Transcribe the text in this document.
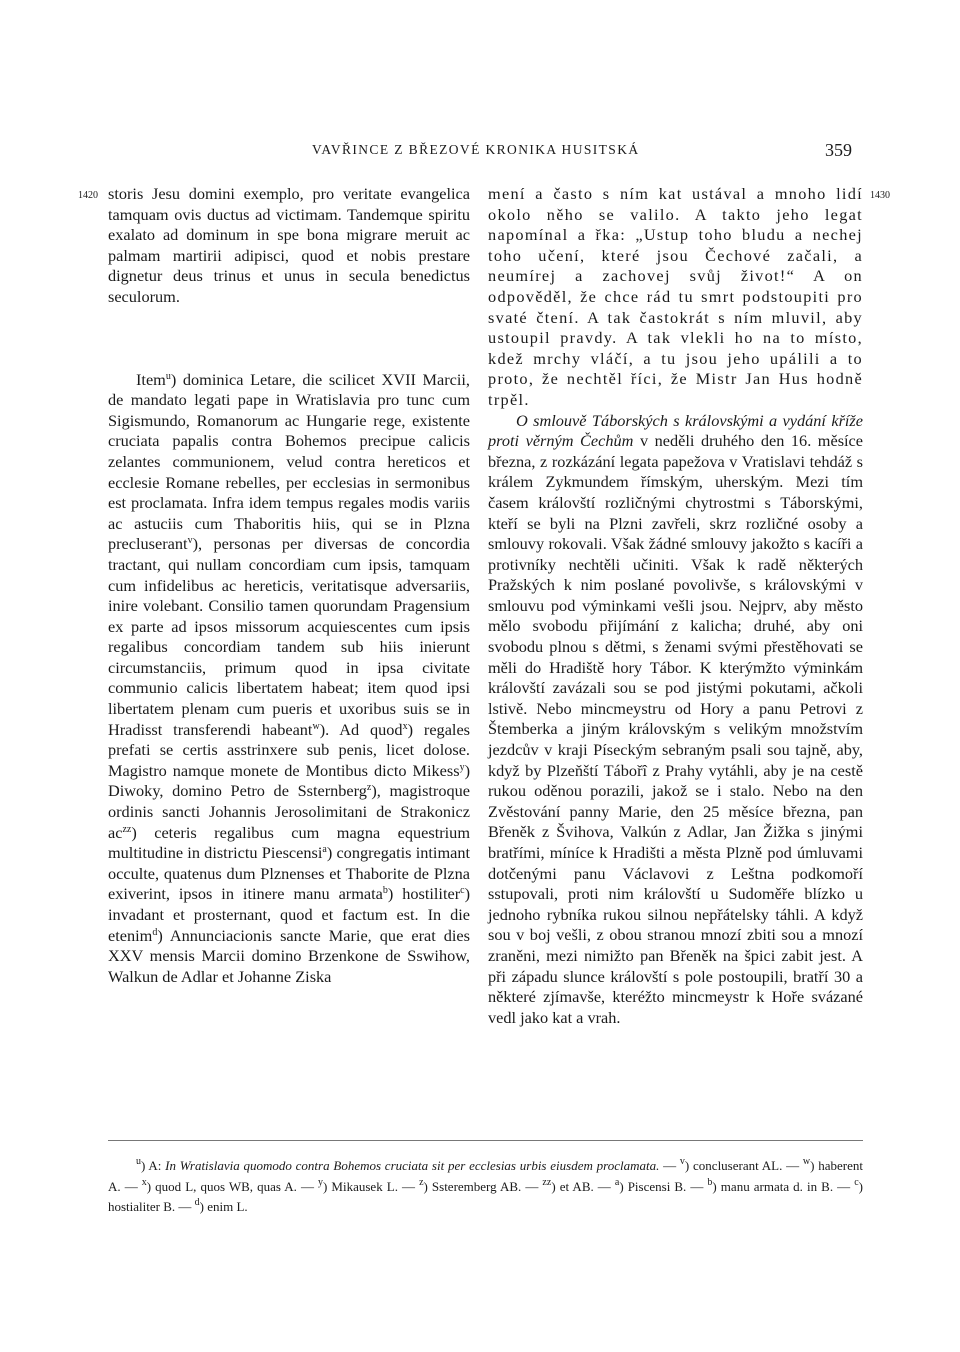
VAVŘINCE Z BŘEZOVÉ KRONIKA HUSITSKÁ	359
1420	1430

storis Jesu domini exemplo, pro veritate evangelica tamquam ovis ductus ad victimam. Tandemque spiritu exalato ad dominum in spe bona migrare meruit ac palmam martirii adipisci, quod et nobis prestare dignetur deus trinus et unus in secula benedictus seculorum.

Item$^u$) dominica Letare, die scilicet XVII Marcii, de mandato legati pape in Wratislavia pro tunc cum Sigismundo, Romanorum ac Hungarie rege, existente cruciata papalis contra Bohemos precipue calicis zelantes communionem, velud contra hereticos et ecclesie Romane rebelles, per ecclesias in sermonibus est proclamata. Infra idem tempus regales modis variis ac astuciis cum Thaboritis hiis, qui se in Plzna precluserant$^v$), personas per diversas de concordia tractant, qui nullam concordiam cum ipsis, tamquam cum infidelibus ac hereticis, veritatisque adversariis, inire volebant. Consilio tamen quorundam Pragensium ex parte ad ipsos missorum acquiescentes cum ipsis regalibus concordiam tandem sub hiis inierunt circumstanciis, primum quod in ipsa civitate communio calicis libertatem habeat; item quod ipsi libertatem plenam cum pueris et uxoribus suis se in Hradisst transferendi habeant$^w$). Ad quod$^x$) regales prefati se certis asstrinxere sub penis, licet dolose. Magistro namque monete de Montibus dicto Mikess$^y$) Diwoky, domino Petro de Ssternberg$^z$), magistroque ordinis sancti Johannis Jerosolimitani de Strakonicz $ac^{zz}$) ceteris regalibus cum magna equestrium multitudine in districtu Piescensi$^a$) congregatis intimant occulte, quatenus dum Plznenses et Thaborite de Plzna exiverint, ipsos in itinere manu armata$^b$) hostiliter$^c$) invadant et prosternant, quod et factum est. In die etenim$^d$) Annunciacionis sancte Marie, que erat dies XXV mensis Marcii domino Brzenkone de Sswihow, Walkun de Adlar et Johanne Ziska

mení a často s ním kat ustával a mnoho lidí okolo něho se valilo. A takto jeho legat napomínal a řka: „Ustup toho bludu a nechej toho učení, které jsou Čechové začali, a neumírej a zachovej svůj život!“ A on odpověděl, že chce rád tu smrt podstoupiti pro svaté čtení. A tak častokrát s ním mluvil, aby ustoupil pravdy. A tak vlekli ho na to místo, kdež mrchy vláčí, a tu jsou jeho upálili a to proto, že nechtěl říci, že Mistr Jan Hus hodně trpěl.

O smlouvě Táborských s královskými a vydání kříže proti věrným Čechům v neděli druhého den 16. měsíce března, z rozkázání legata papežova v Vratislavi tehdáž s králem Zykmundem římským, uherským. Mezi tím časem královští rozličnými chytrostmi s Táborskými, kteří se byli na Plzni zavřeli, skrz rozličné osoby a smlouvy rokovali. Však žádné smlouvy jakožto s kacíři a protivníky nechtěli učiniti. Však k radě některých Pražských k nim poslané povolivše, s královskými v smlouvu pod výminkami vešli jsou. Nejprv, aby město mělo svobodu přijímání z kalicha; druhé, aby oni svobodu plnou s dětmi, s ženami svými přestěhovati se měli do Hradiště hory Tábor. K kterýmžto výminkám královští zavázali sou se pod jistými pokutami, ačkoli lstivě. Nebo mincmeystru od Hory a panu Petrovi z Štemberka a jiným královským s velikým množstvím jezdcův v kraji Píseckým sebraným psali sou tajně, aby, když by Plzeňští Tábořî z Prahy vytáhli, aby je na cestě rukou oděnou porazili, jakož se i stalo. Nebo na den Zvěstování panny Marie, den 25 měsíce března, pan Břeněk z Švihova, Valkún z Adlar, Jan Žižka s jinými bratřími, míníce k Hradišti a města Plzně pod úmluvami dotčenými panu Václavovi z Leštna podkomoří sstupovali, proti nim královští u Sudoměře blízko u jednoho rybníka rukou silnou nepřátelsky táhli. A když sou v boj vešli, z obou stranou mnozí zbiti sou a mnozí zraněni, mezi nimižto pan Břeněk na špici zabit jest. A při západu slunce královští s pole postoupili, bratří 30 a některé zjímavše, kteréžto mincmeystr k Hoře svázané vedl jako kat a vrah.

$^u$) A: In Wratislavia quomodo contra Bohemos cruciata sit per ecclesias urbis eiusdem proclamata. — $^v$) concluserant AL. — $^w$) haberent A. — $^x$) quod L, quos WB, quas A. — $^y$) Mikausek L. — $^z$) Ssteremberg AB. — $^{zz}$) et AB. — $^a$) Piscensi B. — $^b$) manu armata d. in B. — $^c$) hostialiter B. — $^d$) enim L.
